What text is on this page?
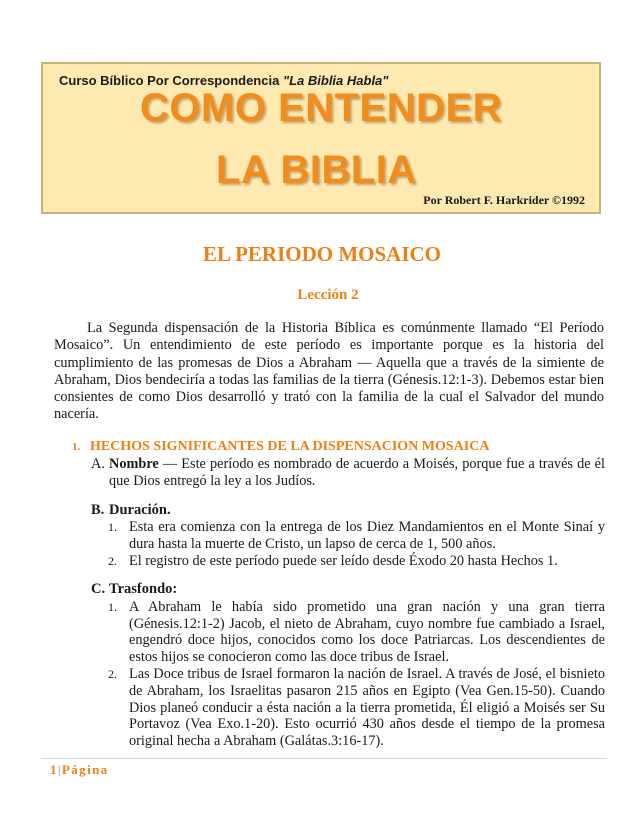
Curso Bíblico Por Correspondencia "La Biblia Habla"
COMO ENTENDER
LA BIBLIA
Por Robert F. Harkrider ©1992
EL PERIODO MOSAICO
Lección 2

La Segunda dispensación de la Historia Bíblica es comúnmente llamado “El Período Mosaico”. Un entendimiento de este período es importante porque es la historia del cumplimiento de las promesas de Dios a Abraham — Aquella que a través de la simiente de Abraham, Dios bendeciría a todas las familias de la tierra (Génesis.12:1-3). Debemos estar bien consientes de como Dios desarrolló y trató con la familia de la cual el Salvador del mundo nacería.

1. HECHOS SIGNIFICANTES DE LA DISPENSACION MOSAICA
A. Nombre — Este período es nombrado de acuerdo a Moisés, porque fue a través de él que Dios entregó la ley a los Judíos.
B. Duración.
1. Esta era comienza con la entrega de los Diez Mandamientos en el Monte Sinaí y dura hasta la muerte de Cristo, un lapso de cerca de 1, 500 años.
2. El registro de este período puede ser leído desde Éxodo 20 hasta Hechos 1.
C. Trasfondo:
1. A Abraham le había sido prometido una gran nación y una gran tierra (Génesis.12:1-2) Jacob, el nieto de Abraham, cuyo nombre fue cambiado a Israel, engendró doce hijos, conocidos como los doce Patriarcas. Los descendientes de estos hijos se conocieron como las doce tribus de Israel.
2. Las Doce tribus de Israel formaron la nación de Israel. A través de José, el bisnieto de Abraham, los Israelitas pasaron 215 años en Egipto (Vea Gen.15-50). Cuando Dios planeó conducir a ésta nación a la tierra prometida, Él eligió a Moisés ser Su Portavoz (Vea Exo.1-20). Esto ocurrió 430 años desde el tiempo de la promesa original hecha a Abraham (Galátas.3:16-17).
1|Página
